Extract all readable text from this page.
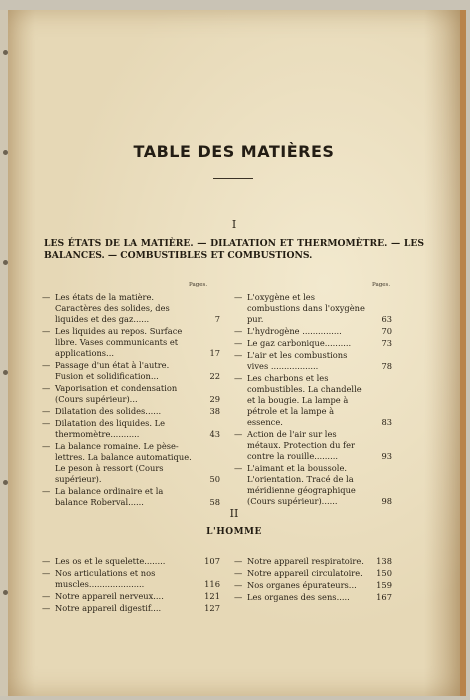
TABLE DES MATIÈRES
I
LES ÉTATS DE LA MATIÈRE. — DILATATION ET THERMOMÈTRE. — LES BALANCES. — COMBUSTIBLES ET COMBUSTIONS.
Pages.	Pages.
— Les états de la matière. Caractères des solides, des liquides et des gaz......	7
— Les liquides au repos. Surface libre. Vases communicants et applications...	17
— Passage d'un état à l'autre. Fusion et solidification...	22
— Vaporisation et condensation (Cours supérieur)...	29
— Dilatation des solides......	38
— Dilatation des liquides. Le thermomètre...........	43
— La balance romaine. Le pèse-lettres. La balance automatique. Le peson à ressort (Cours supérieur).	50
— La balance ordinaire et la balance Roberval......	58
— L'oxygène et les combustions dans l'oxygène pur.	63
— L'hydrogène ...............	70
— Le gaz carbonique..........	73
— L'air et les combustions vives ..................	78
— Les charbons et les combustibles. La chandelle et la bougie. La lampe à pétrole et la lampe à essence.	83
— Action de l'air sur les métaux. Protection du fer contre la rouille.........	93
— L'aimant et la boussole. L'orientation. Tracé de la méridienne géographique (Cours supérieur)......	98
II
L'HOMME
— Les os et le squelette........	107
— Nos articulations et nos muscles.....................	116
— Notre appareil nerveux....	121
— Notre appareil digestif....	127
— Notre appareil respiratoire. 138
— Notre appareil circulatoire. 150
— Nos organes épurateurs... 159
— Les organes des sens.....	167
